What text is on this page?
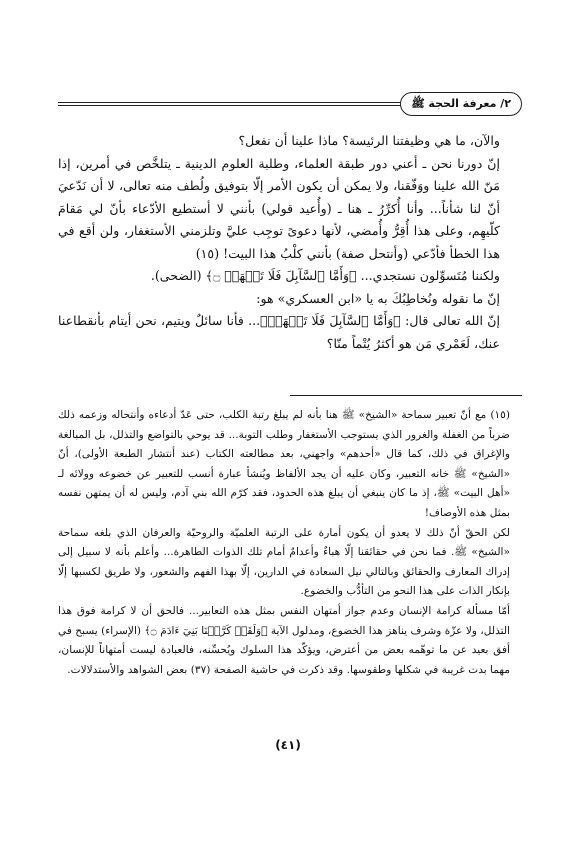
٢/ معرفة الحجة ﷺ

والآن، ما هي وظيفتنا الرئيسة؟ ماذا علينا أن نفعل؟

إنّ دورنا نحن ـ أعني دور طبقة العلماء، وطلبة العلوم الدينية ـ يتلخَّص في أمرين، إذا مَنّ الله علينا ووَفّقنا، ولا يمكن أن يكون الأمر إلّا بتوفيق ولُطف منه تعالى، لا أن نَدّعيَ أنّ لنا شأناً... وأنا أُكرِّرُ ـ هنا ـ (وأُعيد قولي) بأنني لا أستطيع الأدّعاء بأنّ لي مَقامَ كلّيهِم، وعلى هذا أُقِرُّ وأُمضي، لأنها دعوىً توجِب عليَّ وتلزمني الأستغفار، ولن أقع في هذا الخطأ فأدّعي (وأنتحل صفة) بأنني كلْبُ هذا البيت! (١٥)

ولكننا مُتَسوِّلون نستجدي... ﴿وَأَمَّا ٱلسَّآبِلَ فَلَا تَنۡهَرۡ ۝﴾ (الضحى).

إنّ ما نقوله ونُخاطِبُكَ به يا «ابن العسكري» هو:

إنّ الله تعالى قال: ﴿وَأَمَّا ٱلسَّآبِلَ فَلَا تَنۡهَرۡ﴾... فأنا سائلٌ ويتيم، نحن أيتام بأنقطاعنا عنك، لَعَمْري مَن هو أكثرُ يُتْماً منّا؟

(١٥) مع أنّ تعبير سماحة «الشيخ» ﷺ هنا بأنه لم يبلغ رتبة الكلب، حتى عَدّ أدعاءه وأنتحاله وزعمه ذلك ضرباً من الغفلة والغرور الذي يستوجب الأستغفار وطلب التوبة... قد يوحي بالتواضع والتذلل، بل المبالغة والإغراق في ذلك، كما قال «أحدهم» واجهني، بعد مطالعته الكتاب (عند أنتشار الطبعة الأولى)، أنّ «الشيخ» ﷺ خانه التعبير، وكان عليه أن يجد الألفاظ ويُنشأ عبارة أنسب للتعبير عن خضوعه وولائه لـ «أهل البيت» ﷺ، إذ ما كان ينبغي أن يبلغ هذه الحدود، فقد كرّم الله بني آدم، وليس له أن يمتهن نفسه بمثل هذه الأوصاف!

لكن الحقّ أنّ ذلك لا يعدو أن يكون أمارة على الرتبة العلميّة والروحيّة والعرفان الذي بلغه سماحة «الشيخ» ﷺ. فما نحن في حقائقنا إلّا هباءٌ وأعدامٌ أمام تلك الذوات الطاهرة... وأعلم بأنه لا سبيل إلى إدراك المعارف والحقائق وبالتالي نيل السعادة في الدارين، إلّا بهذا الفهم والشعور، ولا طريق لكسبها إلّا بإنكار الذات على هذا النحو من التأدُّب والخضوع.

أمّا مسألة كرامة الإنسان وعدم جواز أمتهان النفس بمثل هذه التعابير... فالحق أن لا كرامة فوق هذا التذلل، ولا عزّة وشرف يناهز هذا الخضوع، ومدلول الآية ﴿وَلَقَدۡ كَرَّمۡنَا بَنِيٓ ءَادَمَ ۝﴾ (الإسراء) يسبح في أفق بعيد عن ما توهّمه بعض من أعترض، ويؤكّد هذا السلوك ويُحسِّنه، فالعبادة ليست أمتهاناً للإنسان، مهما بدت غريبة في شكلها وطقوسها. وقد ذكرت في حاشية الصفحة (٣٧) بعض الشواهد والأستدلالات.

(٤١)
